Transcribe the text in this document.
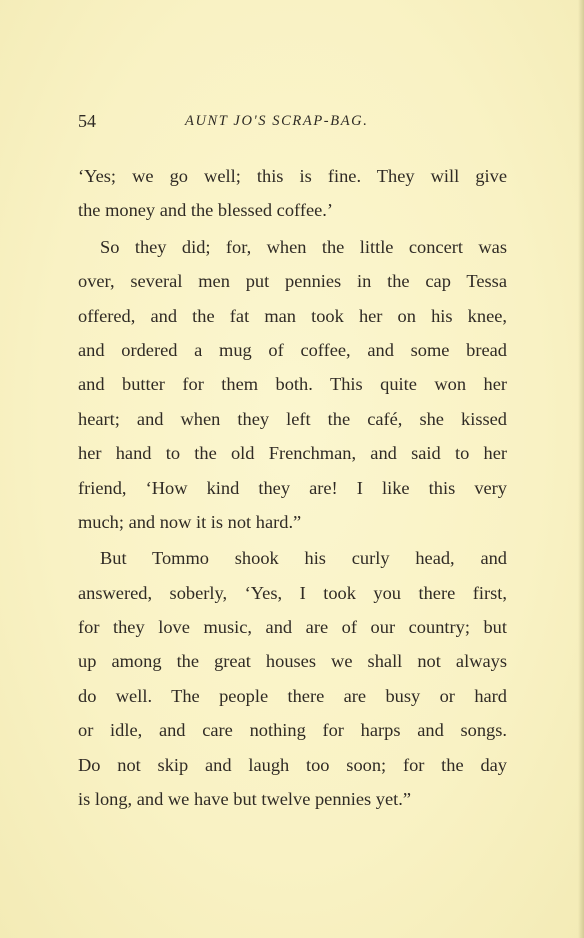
54	AUNT JO'S SCRAP-BAG.
‘Yes; we go well; this is fine. They will give
the money and the blessed coffee.’
So they did; for, when the little concert was
over, several men put pennies in the cap Tessa
offered, and the fat man took her on his knee,
and ordered a mug of coffee, and some bread
and butter for them both. This quite won her
heart; and when they left the café, she kissed
her hand to the old Frenchman, and said to her
friend, ‘How kind they are! I like this very
much; and now it is not hard.”
But Tommo shook his curly head, and
answered, soberly, ‘Yes, I took you there first,
for they love music, and are of our country; but
up among the great houses we shall not always
do well. The people there are busy or hard
or idle, and care nothing for harps and songs.
Do not skip and laugh too soon; for the day
is long, and we have but twelve pennies yet.”
